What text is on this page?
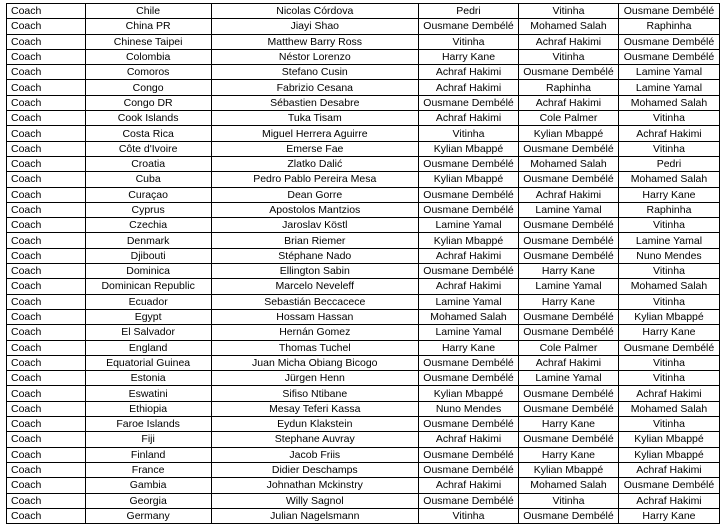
Coach	Chile	Nicolas Córdova	Pedri	Vitinha	Ousmane Dembélé
Coach	China PR	Jiayi Shao	Ousmane Dembélé	Mohamed Salah	Raphinha
Coach	Chinese Taipei	Matthew Barry Ross	Vitinha	Achraf Hakimi	Ousmane Dembélé
Coach	Colombia	Néstor Lorenzo	Harry Kane	Vitinha	Ousmane Dembélé
Coach	Comoros	Stefano Cusin	Achraf Hakimi	Ousmane Dembélé	Lamine Yamal
Coach	Congo	Fabrizio Cesana	Achraf Hakimi	Raphinha	Lamine Yamal
Coach	Congo DR	Sébastien Desabre	Ousmane Dembélé	Achraf Hakimi	Mohamed Salah
Coach	Cook Islands	Tuka Tisam	Achraf Hakimi	Cole Palmer	Vitinha
Coach	Costa Rica	Miguel Herrera Aguirre	Vitinha	Kylian Mbappé	Achraf Hakimi
Coach	Côte d'Ivoire	Emerse Fae	Kylian Mbappé	Ousmane Dembélé	Vitinha
Coach	Croatia	Zlatko Dalić	Ousmane Dembélé	Mohamed Salah	Pedri
Coach	Cuba	Pedro Pablo Pereira Mesa	Kylian Mbappé	Ousmane Dembélé	Mohamed Salah
Coach	Curaçao	Dean Gorre	Ousmane Dembélé	Achraf Hakimi	Harry Kane
Coach	Cyprus	Apostolos Mantzios	Ousmane Dembélé	Lamine Yamal	Raphinha
Coach	Czechia	Jaroslav Köstl	Lamine Yamal	Ousmane Dembélé	Vitinha
Coach	Denmark	Brian Riemer	Kylian Mbappé	Ousmane Dembélé	Lamine Yamal
Coach	Djibouti	Stéphane Nado	Achraf Hakimi	Ousmane Dembélé	Nuno Mendes
Coach	Dominica	Ellington Sabin	Ousmane Dembélé	Harry Kane	Vitinha
Coach	Dominican Republic	Marcelo Neveleff	Achraf Hakimi	Lamine Yamal	Mohamed Salah
Coach	Ecuador	Sebastián Beccacece	Lamine Yamal	Harry Kane	Vitinha
Coach	Egypt	Hossam Hassan	Mohamed Salah	Ousmane Dembélé	Kylian Mbappé
Coach	El Salvador	Hernán Gomez	Lamine Yamal	Ousmane Dembélé	Harry Kane
Coach	England	Thomas Tuchel	Harry Kane	Cole Palmer	Ousmane Dembélé
Coach	Equatorial Guinea	Juan Micha Obiang Bicogo	Ousmane Dembélé	Achraf Hakimi	Vitinha
Coach	Estonia	Jürgen Henn	Ousmane Dembélé	Lamine Yamal	Vitinha
Coach	Eswatini	Sifiso Ntibane	Kylian Mbappé	Ousmane Dembélé	Achraf Hakimi
Coach	Ethiopia	Mesay Teferi Kassa	Nuno Mendes	Ousmane Dembélé	Mohamed Salah
Coach	Faroe Islands	Eydun Klakstein	Ousmane Dembélé	Harry Kane	Vitinha
Coach	Fiji	Stephane Auvray	Achraf Hakimi	Ousmane Dembélé	Kylian Mbappé
Coach	Finland	Jacob Friis	Ousmane Dembélé	Harry Kane	Kylian Mbappé
Coach	France	Didier Deschamps	Ousmane Dembélé	Kylian Mbappé	Achraf Hakimi
Coach	Gambia	Johnathan Mckinstry	Achraf Hakimi	Mohamed Salah	Ousmane Dembélé
Coach	Georgia	Willy Sagnol	Ousmane Dembélé	Vitinha	Achraf Hakimi
Coach	Germany	Julian Nagelsmann	Vitinha	Ousmane Dembélé	Harry Kane
